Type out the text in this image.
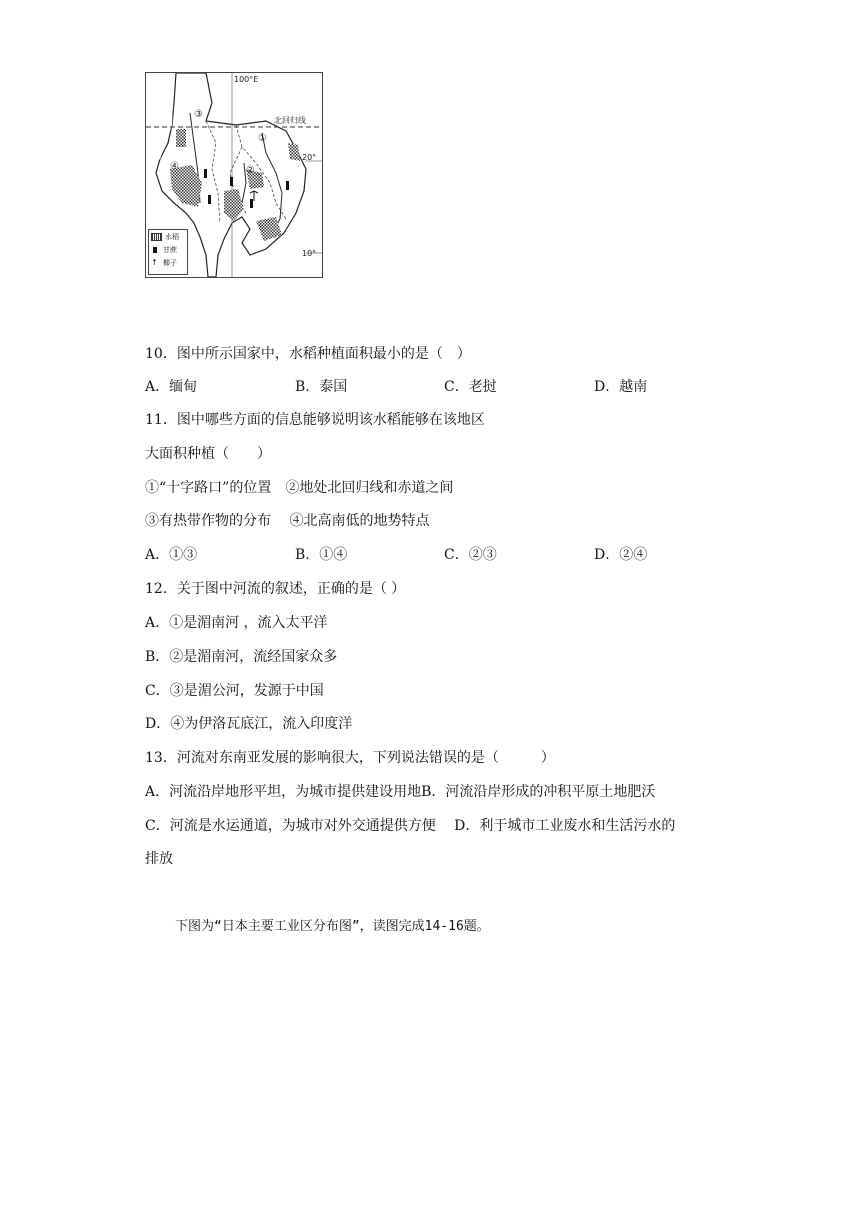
100°E
北回归线
20°
10°
①
②
③
④
水稻
甘蔗
↑ 椰子
10．图中所示国家中，水稻种植面积最小的是（　）
A．缅甸	B．泰国	C．老挝	D．越南
11．图中哪些方面的信息能够说明该水稻能够在该地区
大面积种植（　　）
①“十字路口”的位置　②地处北回归线和赤道之间
③有热带作物的分布　 ④北高南低的地势特点
A．①③	B．①④	C．②③	D．②④
12．关于图中河流的叙述，正确的是（ ）
A．①是湄南河 ，流入太平洋
B．②是湄南河，流经国家众多
C．③是湄公河，发源于中国
D．④为伊洛瓦底江，流入印度洋
13．河流对东南亚发展的影响很大，下列说法错误的是（　　　）
A．河流沿岸地形平坦，为城市提供建设用地B．河流沿岸形成的冲积平原土地肥沃
C．河流是水运通道，为城市对外交通提供方便　 D．利于城市工业废水和生活污水的
排放
下图为“日本主要工业区分布图”，读图完成14-16题。
